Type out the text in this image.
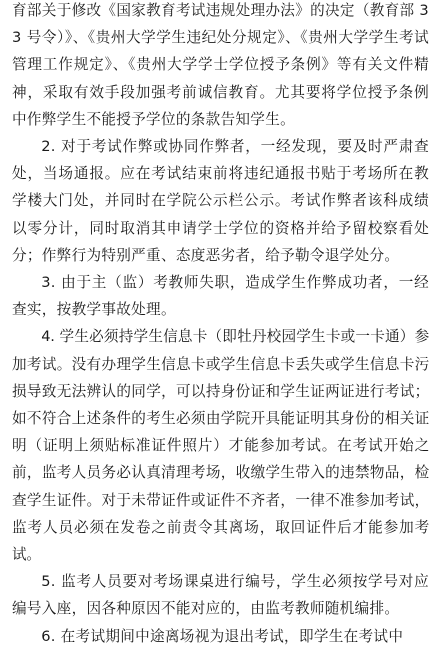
育部关于修改《国家教育考试违规处理办法》的决定（教育部 33 号令）》、《贵州大学学生违纪处分规定》、《贵州大学学生考试管理工作规定》、《贵州大学学士学位授予条例》等有关文件精神，采取有效手段加强考前诚信教育。尤其要将学位授予条例中作弊学生不能授予学位的条款告知学生。

2. 对于考试作弊或协同作弊者，一经发现，要及时严肃查处，当场通报。应在考试结束前将违纪通报书贴于考场所在教学楼大门处，并同时在学院公示栏公示。考试作弊者该科成绩以零分计，同时取消其申请学士学位的资格并给予留校察看处分；作弊行为特别严重、态度恶劣者，给予勒令退学处分。

3. 由于主（监）考教师失职，造成学生作弊成功者，一经查实，按教学事故处理。

4. 学生必须持学生信息卡（即牡丹校园学生卡或一卡通）参加考试。没有办理学生信息卡或学生信息卡丢失或学生信息卡污损导致无法辨认的同学，可以持身份证和学生证两证进行考试；如不符合上述条件的考生必须由学院开具能证明其身份的相关证明（证明上须贴标准证件照片）才能参加考试。在考试开始之前，监考人员务必认真清理考场，收缴学生带入的违禁物品，检查学生证件。对于未带证件或证件不齐者，一律不准参加考试，监考人员必须在发卷之前责令其离场，取回证件后才能参加考试。

5. 监考人员要对考场课桌进行编号，学生必须按学号对应编号入座，因各种原因不能对应的，由监考教师随机编排。

6. 在考试期间中途离场视为退出考试，即学生在考试中
